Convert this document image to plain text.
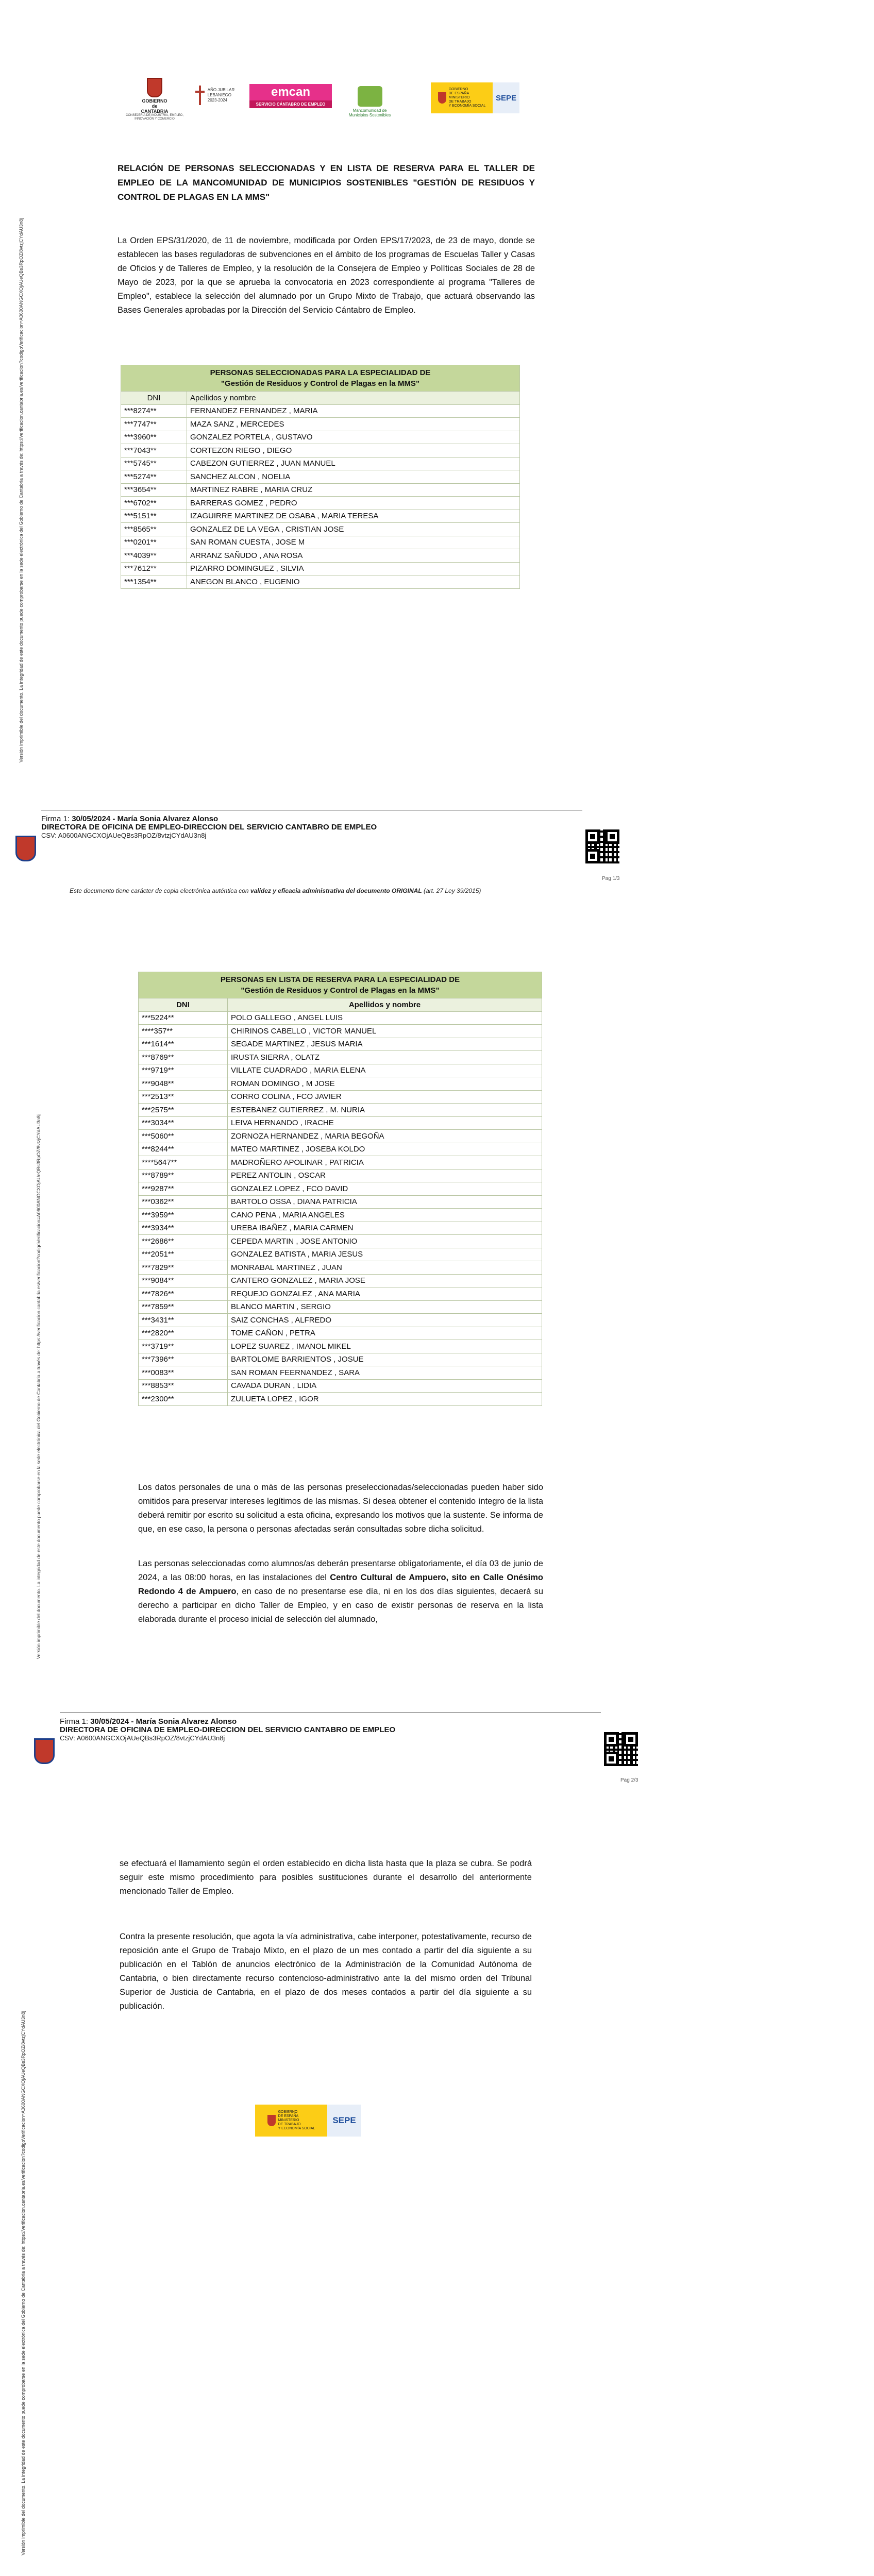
Versión imprimible del documento. La integridad de este documento puede comprobarse en la sede electrónica del Gobierno de Cantabria a través de: https://verificacion.cantabria.es/verificacion?codigoVerificacion=A0600ANGCXOjAUeQBs3RpOZ/8vtzjCYdAU3n8j
GOBIERNO
de
CANTABRIA
CONSEJERÍA DE INDUSTRIA, EMPLEO,
INNOVACIÓN Y COMERCIO
AÑO JUBILAR
LEBANIEGO
2023-2024
emcan
SERVICIO CÁNTABRO DE EMPLEO
Mancomunidad de
Municipios Sostenibles
GOBIERNO
DE ESPAÑA
MINISTERIO
DE TRABAJO
Y ECONOMÍA SOCIAL
SEPE
RELACIÓN DE PERSONAS SELECCIONADAS Y EN LISTA DE RESERVA PARA EL TALLER DE EMPLEO DE LA MANCOMUNIDAD DE MUNICIPIOS SOSTENIBLES "GESTIÓN DE RESIDUOS Y CONTROL DE PLAGAS EN LA MMS"
La Orden EPS/31/2020, de 11 de noviembre, modificada por Orden EPS/17/2023, de 23 de mayo, donde se establecen las bases reguladoras de subvenciones en el ámbito de los programas de Escuelas Taller y Casas de Oficios y de Talleres de Empleo, y la resolución de la Consejera de Empleo y Políticas Sociales de 28 de Mayo de 2023, por la que se aprueba la convocatoria en 2023 correspondiente al programa "Talleres de Empleo", establece la selección del alumnado por un Grupo Mixto de Trabajo, que actuará observando las Bases Generales aprobadas por la Dirección del Servicio Cántabro de Empleo.
PERSONAS SELECCIONADAS PARA LA ESPECIALIDAD DE
"Gestión de Residuos y Control de Plagas en la MMS"	

DNI	Apellidos y nombre
***8274**	FERNANDEZ FERNANDEZ , MARIA
***7747**	MAZA SANZ , MERCEDES
***3960**	GONZALEZ PORTELA , GUSTAVO
***7043**	CORTEZON RIEGO , DIEGO
***5745**	CABEZON GUTIERREZ , JUAN MANUEL
***5274**	SANCHEZ ALCON , NOELIA
***3654**	MARTINEZ RABRE , MARIA CRUZ
***6702**	BARRERAS GOMEZ , PEDRO
***5151**	IZAGUIRRE MARTINEZ DE OSABA , MARIA TERESA
***8565**	GONZALEZ DE LA VEGA , CRISTIAN JOSE
***0201**	SAN ROMAN CUESTA , JOSE M
***4039**	ARRANZ SAÑUDO , ANA ROSA
***7612**	PIZARRO DOMINGUEZ , SILVIA
***1354**	ANEGON BLANCO , EUGENIO
Firma 1: 30/05/2024 - María Sonia Alvarez Alonso
DIRECTORA DE OFICINA DE EMPLEO-DIRECCION DEL SERVICIO CANTABRO DE EMPLEO
CSV: A0600ANGCXOjAUeQBs3RpOZ/8vtzjCYdAU3n8j
Pag 1/3
Este documento tiene carácter de copia electrónica auténtica con validez y eficacia administrativa del documento ORIGINAL (art. 27 Ley 39/2015)
Versión imprimible del documento. La integridad de este documento puede comprobarse en la sede electrónica del Gobierno de Cantabria a través de: https://verificacion.cantabria.es/verificacion?codigoVerificacion=A0600ANGCXOjAUeQBs3RpOZ/8vtzjCYdAU3n8j
PERSONAS EN LISTA DE RESERVA PARA LA ESPECIALIDAD DE
"Gestión de Residuos y Control de Plagas en la MMS"	

DNI	Apellidos y nombre
***5224**	POLO GALLEGO , ANGEL LUIS
****357**	CHIRINOS CABELLO , VICTOR MANUEL
***1614**	SEGADE MARTINEZ , JESUS MARIA
***8769**	IRUSTA SIERRA , OLATZ
***9719**	VILLATE CUADRADO , MARIA ELENA
***9048**	ROMAN DOMINGO , M JOSE
***2513**	CORRO COLINA , FCO JAVIER
***2575**	ESTEBANEZ GUTIERREZ , M. NURIA
***3034**	LEIVA HERNANDO , IRACHE
***5060**	ZORNOZA HERNANDEZ , MARIA BEGOÑA
***8244**	MATEO MARTINEZ , JOSEBA KOLDO
****5647**	MADROÑERO APOLINAR , PATRICIA
***8789**	PEREZ ANTOLIN , OSCAR
***9287**	GONZALEZ LOPEZ , FCO DAVID
***0362**	BARTOLO OSSA , DIANA PATRICIA
***3959**	CANO PENA , MARIA ANGELES
***3934**	UREBA IBAÑEZ , MARIA CARMEN
***2686**	CEPEDA MARTIN , JOSE ANTONIO
***2051**	GONZALEZ BATISTA , MARIA JESUS
***7829**	MONRABAL MARTINEZ , JUAN
***9084**	CANTERO GONZALEZ , MARIA JOSE
***7826**	REQUEJO GONZALEZ , ANA MARIA
***7859**	BLANCO MARTIN , SERGIO
***3431**	SAIZ CONCHAS , ALFREDO
***2820**	TOME CAÑON , PETRA
***3719**	LOPEZ SUAREZ , IMANOL MIKEL
***7396**	BARTOLOME BARRIENTOS , JOSUE
***0083**	SAN ROMAN FEERNANDEZ , SARA
***8853**	CAVADA DURAN , LIDIA
***2300**	ZULUETA LOPEZ , IGOR
Los datos personales de una o más de las personas preseleccionadas/seleccionadas pueden haber sido omitidos para preservar intereses legítimos de las mismas. Si desea obtener el contenido íntegro de la lista deberá remitir por escrito su solicitud a esta oficina, expresando los motivos que la sustente. Se informa de que, en ese caso, la persona o personas afectadas serán consultadas sobre dicha solicitud.
Las personas seleccionadas como alumnos/as deberán presentarse obligatoriamente, el día 03 de junio de 2024, a las 08:00 horas, en las instalaciones del Centro Cultural de Ampuero, sito en Calle Onésimo Redondo 4 de Ampuero, en caso de no presentarse ese día, ni en los dos días siguientes, decaerá su derecho a participar en dicho Taller de Empleo, y en caso de existir personas de reserva en la lista elaborada durante el proceso inicial de selección del alumnado,
Firma 1: 30/05/2024 - María Sonia Alvarez Alonso
DIRECTORA DE OFICINA DE EMPLEO-DIRECCION DEL SERVICIO CANTABRO DE EMPLEO
CSV: A0600ANGCXOjAUeQBs3RpOZ/8vtzjCYdAU3n8j
Pag 2/3
Versión imprimible del documento. La integridad de este documento puede comprobarse en la sede electrónica del Gobierno de Cantabria a través de: https://verificacion.cantabria.es/verificacion?codigoVerificacion=A0600ANGCXOjAUeQBs3RpOZ/8vtzjCYdAU3n8j
se efectuará el llamamiento según el orden establecido en dicha lista hasta que la plaza se cubra. Se podrá seguir este mismo procedimiento para posibles sustituciones durante el desarrollo del anteriormente mencionado Taller de Empleo.
Contra la presente resolución, que agota la vía administrativa, cabe interponer, potestativamente, recurso de reposición ante el Grupo de Trabajo Mixto, en el plazo de un mes contado a partir del día siguiente a su publicación en el Tablón de anuncios electrónico de la Administración de la Comunidad Autónoma de Cantabria, o bien directamente recurso contencioso-administrativo ante la del mismo orden del Tribunal Superior de Justicia de Cantabria, en el plazo de dos meses contados a partir del día siguiente a su publicación.
GOBIERNO
DE ESPAÑA
MINISTERIO
DE TRABAJO
Y ECONOMÍA SOCIAL
SEPE
